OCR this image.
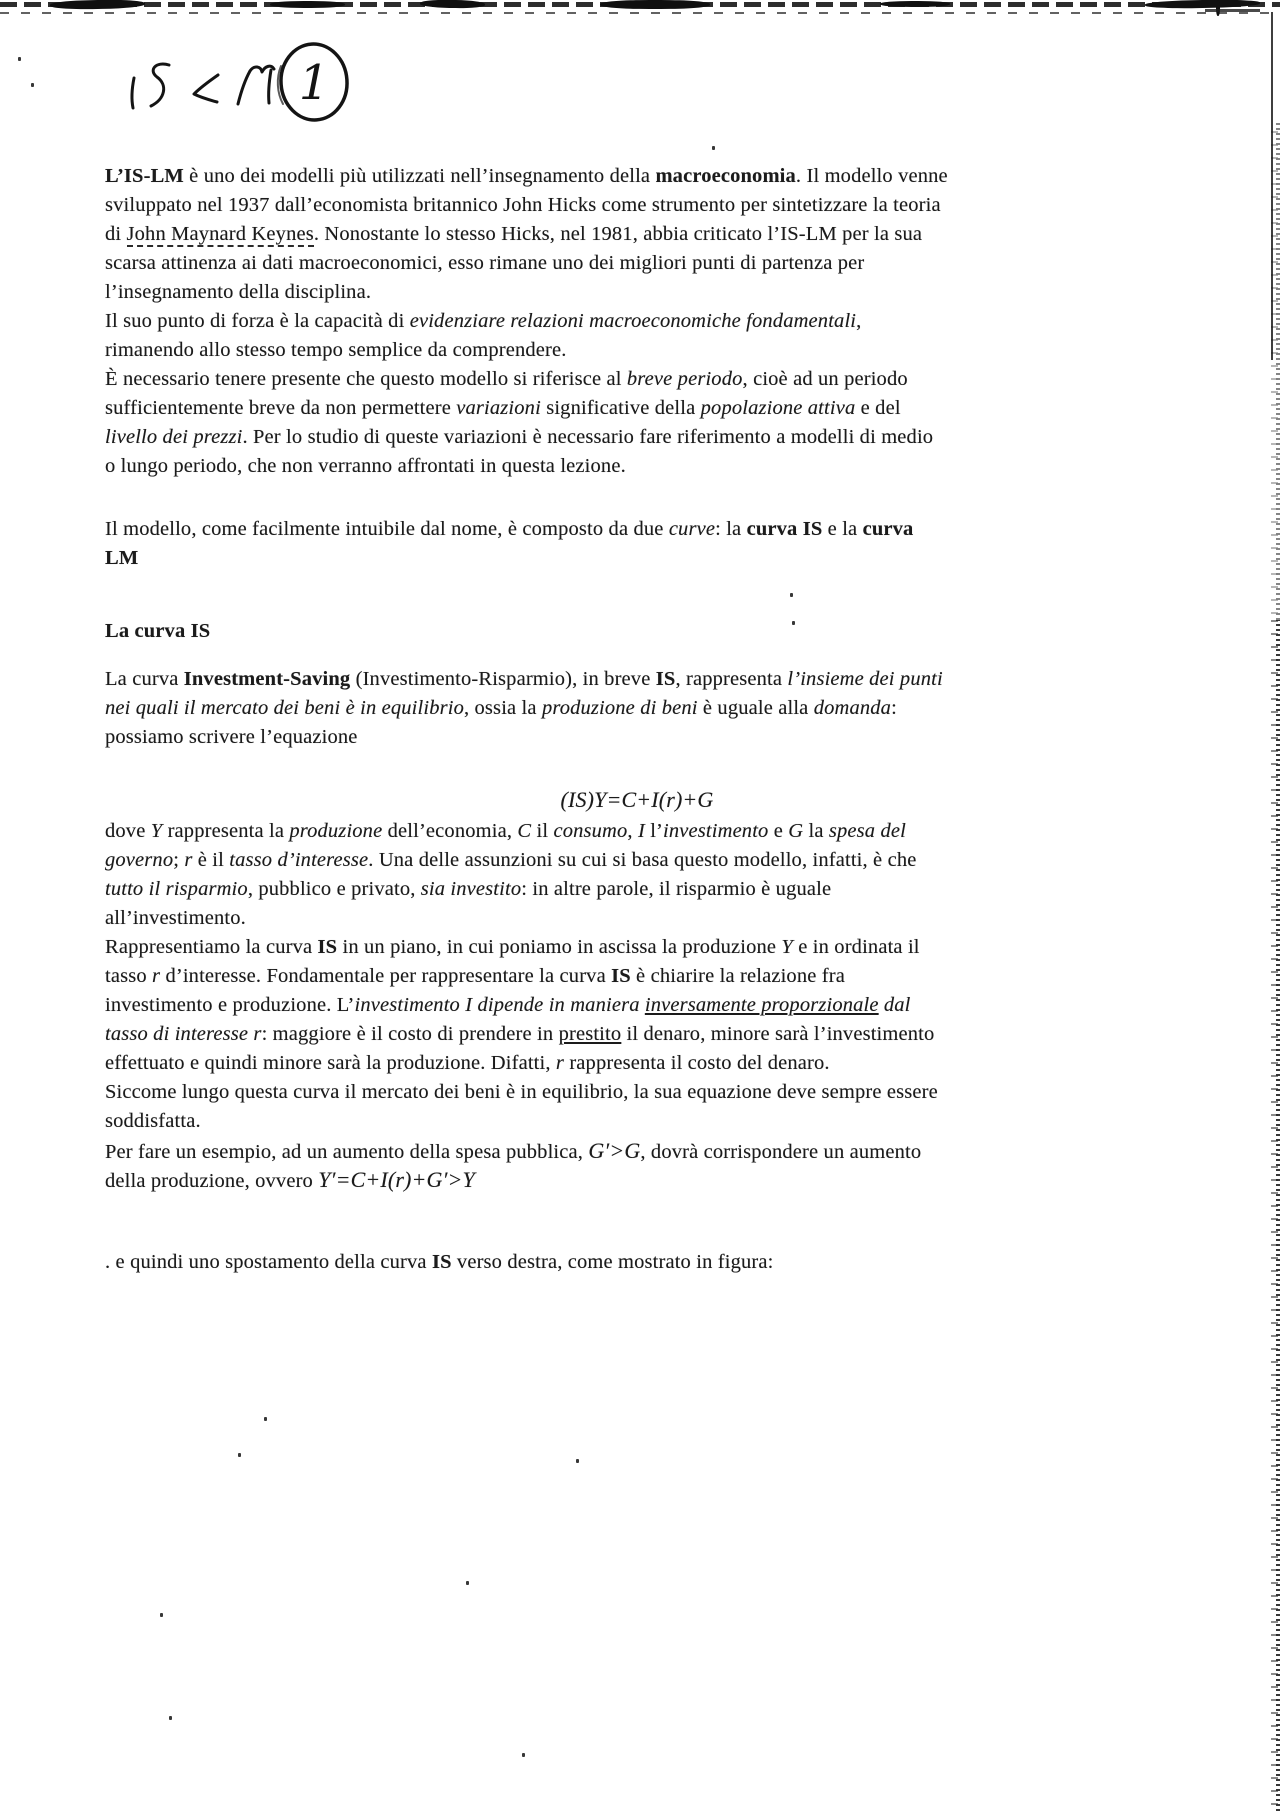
1
L’IS-LM è uno dei modelli più utilizzati nell’insegnamento della macroeconomia. Il modello venne
sviluppato nel 1937 dall’economista britannico John Hicks come strumento per sintetizzare la teoria
di John Maynard Keynes. Nonostante lo stesso Hicks, nel 1981, abbia criticato l’IS-LM per la sua
scarsa attinenza ai dati macroeconomici, esso rimane uno dei migliori punti di partenza per
l’insegnamento della disciplina.
Il suo punto di forza è la capacità di evidenziare relazioni macroeconomiche fondamentali,
rimanendo allo stesso tempo semplice da comprendere.
È necessario tenere presente che questo modello si riferisce al breve periodo, cioè ad un periodo
sufficientemente breve da non permettere variazioni significative della popolazione attiva e del
livello dei prezzi. Per lo studio di queste variazioni è necessario fare riferimento a modelli di medio
o lungo periodo, che non verranno affrontati in questa lezione.
Il modello, come facilmente intuibile dal nome, è composto da due curve: la curva IS e la curva
LM
La curva IS
La curva Investment-Saving (Investimento-Risparmio), in breve IS, rappresenta l’insieme dei punti
nei quali il mercato dei beni è in equilibrio, ossia la produzione di beni è uguale alla domanda:
possiamo scrivere l’equazione
(IS)Y=C+I(r)+G
dove Y rappresenta la produzione dell’economia, C il consumo, I l’investimento e G la spesa del
governo; r è il tasso d’interesse. Una delle assunzioni su cui si basa questo modello, infatti, è che
tutto il risparmio, pubblico e privato, sia investito: in altre parole, il risparmio è uguale
all’investimento.
Rappresentiamo la curva IS in un piano, in cui poniamo in ascissa la produzione Y e in ordinata il
tasso r d’interesse. Fondamentale per rappresentare la curva IS è chiarire la relazione fra
investimento e produzione. L’investimento I dipende in maniera inversamente proporzionale dal
tasso di interesse r: maggiore è il costo di prendere in prestito il denaro, minore sarà l’investimento
effettuato e quindi minore sarà la produzione. Difatti, r rappresenta il costo del denaro.
Siccome lungo questa curva il mercato dei beni è in equilibrio, la sua equazione deve sempre essere
soddisfatta.
Per fare un esempio, ad un aumento della spesa pubblica, G′>G, dovrà corrispondere un aumento
della produzione, ovvero Y′=C+I(r)+G′>Y
. e quindi uno spostamento della curva IS verso destra, come mostrato in figura:
